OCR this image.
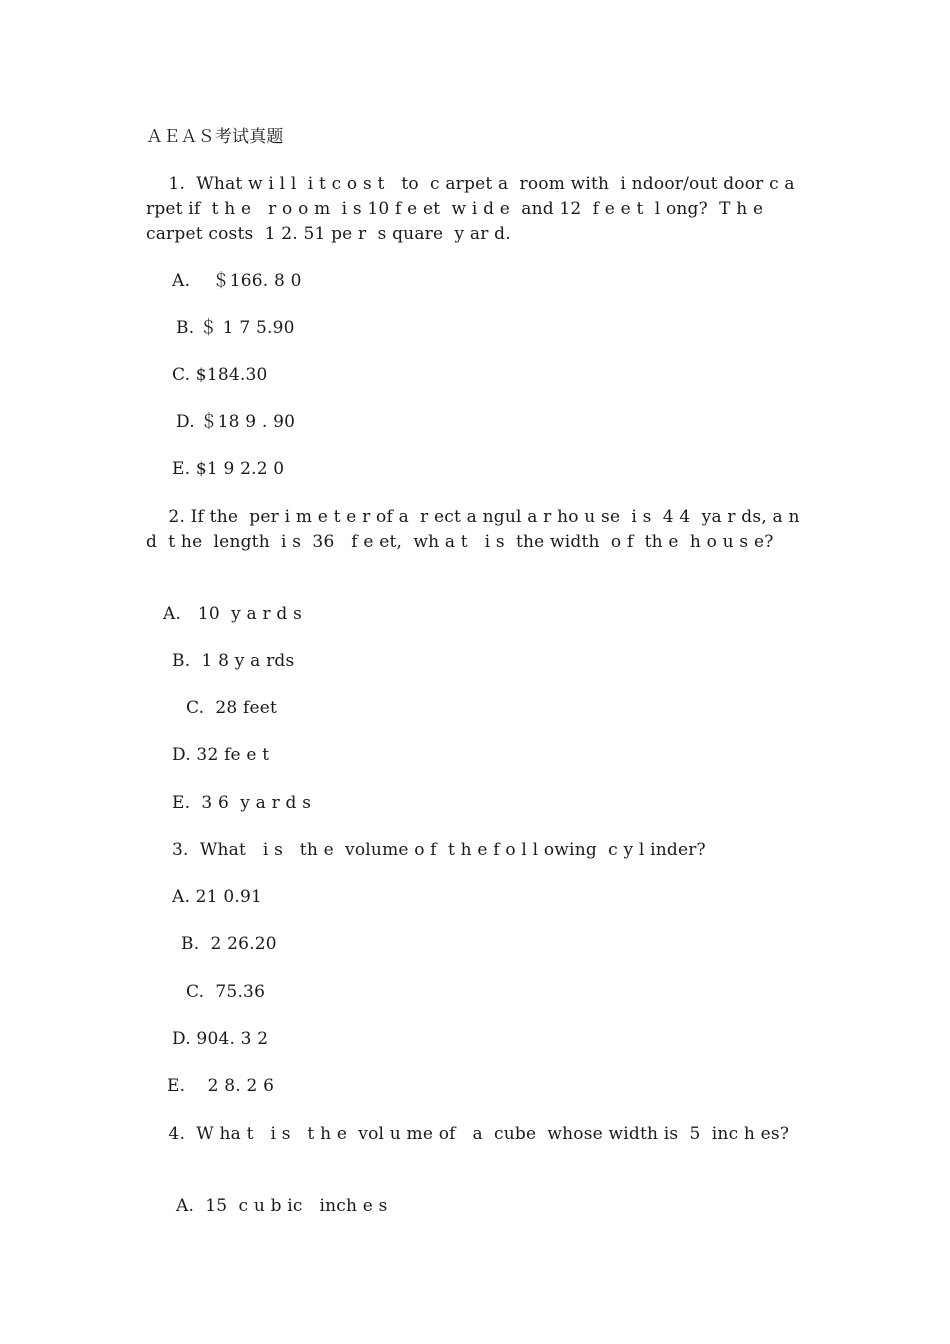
ＡＥＡＳ考试真题
1.  What w i l l  i t c o s t   to  c arpet a  room with  i ndoor/out door c a rpet if  t h e   r o o m  i s 10 f e et  w i d e  and 12  f e e t  l ong?  T h e  carpet costs  1 2. 51 pe r  s quare  y ar d.
A.    ＄166. 8 0
B. ＄ 1 7 5.90
C. $184.30
D. ＄18 9 . 90
E. $1 9 2.2 0
2. If the  per i m e t e r of a  r ect a ngul a r ho u se  i s  4 4  ya r ds, a n d  t he  length  i s  36   f e et,  wh a t   i s  the width  o f  th e  h o u s e?
A.   10  y a r d s
B.  1 8 y a rds
C.  28 feet
D. 32 fe e t
E.  3 6  y a r d s
3.  What   i s   th e  volume o f  t h e f o l l owing  c y l inder?
A. 21 0.91
B.  2 26.20
C.  75.36
D. 904. 3 2
E.    2 8. 2 6
4.  W ha t   i s   t h e  vol u me of   a  cube  whose width is  5  inc h es?
A.  15  c u b ic   inch e s
